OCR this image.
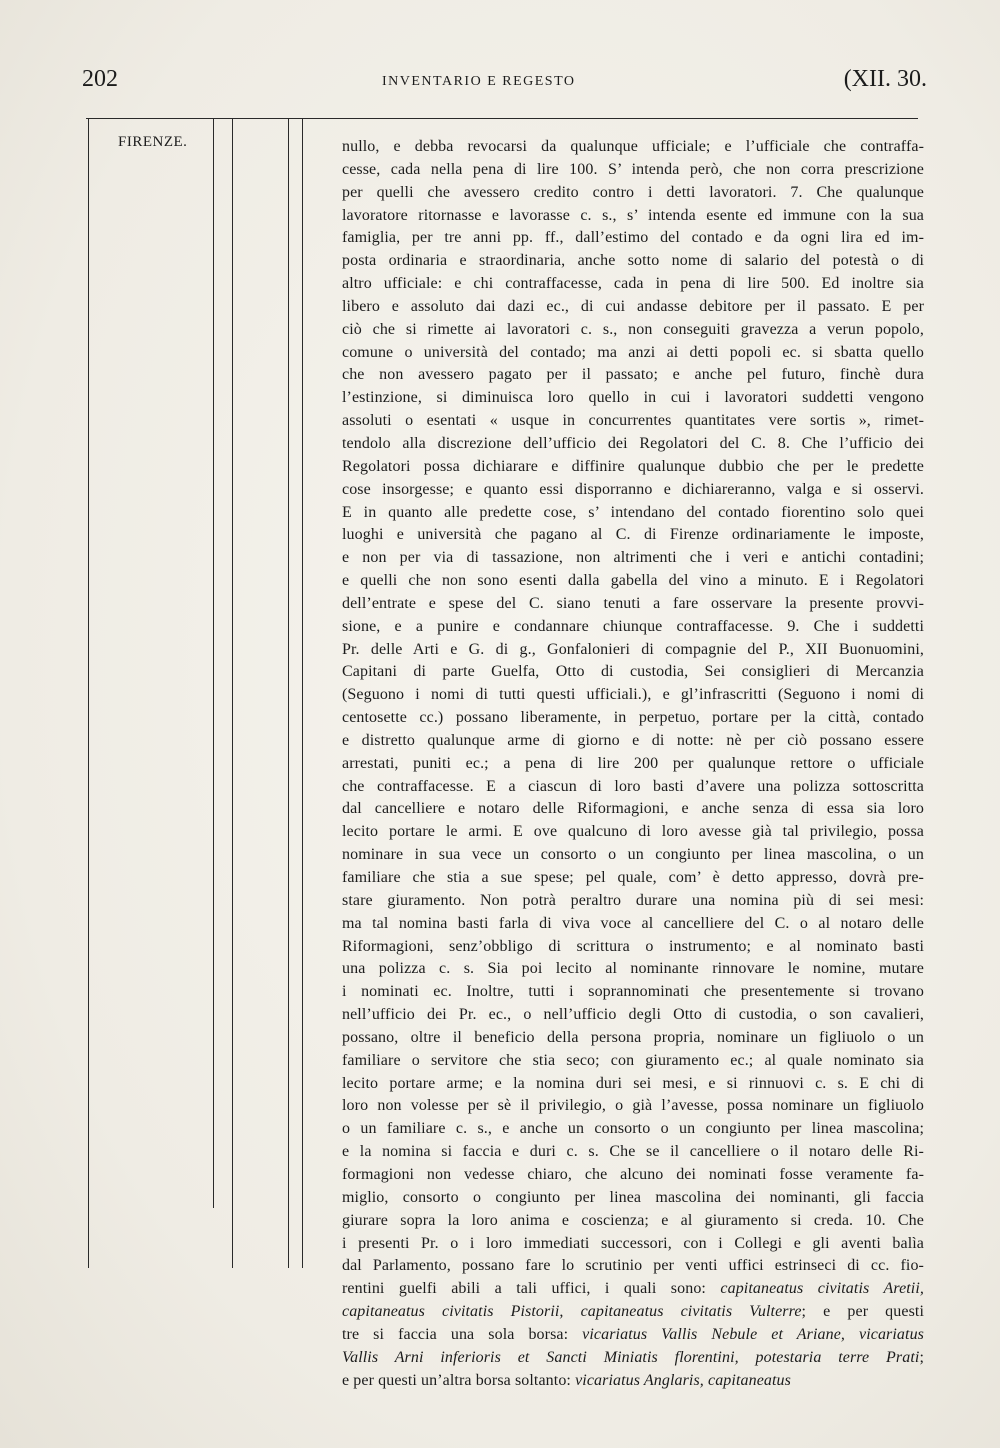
202	INVENTARIO E REGESTO	(XII. 30.
FIRENZE.	nullo, e debba revocarsi da qualunque ufficiale; e l’ufficiale che contraffa-
cesse, cada nella pena di lire 100. S’ intenda però, che non corra prescrizione
per quelli che avessero credito contro i detti lavoratori. 7. Che qualunque
lavoratore ritornasse e lavorasse c. s., s’ intenda esente ed immune con la sua
famiglia, per tre anni pp. ff., dall’estimo del contado e da ogni lira ed im-
posta ordinaria e straordinaria, anche sotto nome di salario del potestà o di
altro ufficiale: e chi contraffacesse, cada in pena di lire 500. Ed inoltre sia
libero e assoluto dai dazi ec., di cui andasse debitore per il passato. E per
ciò che si rimette ai lavoratori c. s., non conseguiti gravezza a verun popolo,
comune o università del contado; ma anzi ai detti popoli ec. si sbatta quello
che non avessero pagato per il passato; e anche pel futuro, finchè dura
l’estinzione, si diminuisca loro quello in cui i lavoratori suddetti vengono
assoluti o esentati « usque in concurrentes quantitates vere sortis », rimet-
tendolo alla discrezione dell’ufficio dei Regolatori del C. 8. Che l’ufficio dei
Regolatori possa dichiarare e diffinire qualunque dubbio che per le predette
cose insorgesse; e quanto essi disporranno e dichiareranno, valga e si osservi.
E in quanto alle predette cose, s’ intendano del contado fiorentino solo quei
luoghi e università che pagano al C. di Firenze ordinariamente le imposte,
e non per via di tassazione, non altrimenti che i veri e antichi contadini;
e quelli che non sono esenti dalla gabella del vino a minuto. E i Regolatori
dell’entrate e spese del C. siano tenuti a fare osservare la presente provvi-
sione, e a punire e condannare chiunque contraffacesse. 9. Che i suddetti
Pr. delle Arti e G. di g., Gonfalonieri di compagnie del P., XII Buonuomini,
Capitani di parte Guelfa, Otto di custodia, Sei consiglieri di Mercanzia
(Seguono i nomi di tutti questi ufficiali.), e gl’infrascritti (Seguono i nomi di
centosette cc.) possano liberamente, in perpetuo, portare per la città, contado
e distretto qualunque arme di giorno e di notte: nè per ciò possano essere
arrestati, puniti ec.; a pena di lire 200 per qualunque rettore o ufficiale
che contraffacesse. E a ciascun di loro basti d’avere una polizza sottoscritta
dal cancelliere e notaro delle Riformagioni, e anche senza di essa sia loro
lecito portare le armi. E ove qualcuno di loro avesse già tal privilegio, possa
nominare in sua vece un consorto o un congiunto per linea mascolina, o un
familiare che stia a sue spese; pel quale, com’ è detto appresso, dovrà pre-
stare giuramento. Non potrà peraltro durare una nomina più di sei mesi:
ma tal nomina basti farla di viva voce al cancelliere del C. o al notaro delle
Riformagioni, senz’obbligo di scrittura o instrumento; e al nominato basti
una polizza c. s. Sia poi lecito al nominante rinnovare le nomine, mutare
i nominati ec. Inoltre, tutti i soprannominati che presentemente si trovano
nell’ufficio dei Pr. ec., o nell’ufficio degli Otto di custodia, o son cavalieri,
possano, oltre il beneficio della persona propria, nominare un figliuolo o un
familiare o servitore che stia seco; con giuramento ec.; al quale nominato sia
lecito portare arme; e la nomina duri sei mesi, e si rinnuovi c. s. E chi di
loro non volesse per sè il privilegio, o già l’avesse, possa nominare un figliuolo
o un familiare c. s., e anche un consorto o un congiunto per linea mascolina;
e la nomina si faccia e duri c. s. Che se il cancelliere o il notaro delle Ri-
formagioni non vedesse chiaro, che alcuno dei nominati fosse veramente fa-
miglio, consorto o congiunto per linea mascolina dei nominanti, gli faccia
giurare sopra la loro anima e coscienza; e al giuramento si creda. 10. Che
i presenti Pr. o i loro immediati successori, con i Collegi e gli aventi balìa
dal Parlamento, possano fare lo scrutinio per venti uffici estrinseci di cc. fio-
rentini guelfi abili a tali uffici, i quali sono: capitaneatus civitatis Aretii,
capitaneatus civitatis Pistorii, capitaneatus civitatis Vulterre; e per questi
tre si faccia una sola borsa: vicariatus Vallis Nebule et Ariane, vicariatus
Vallis Arni inferioris et Sancti Miniatis florentini, potestaria terre Prati;
e per questi un’altra borsa soltanto: vicariatus Anglaris, capitaneatus
